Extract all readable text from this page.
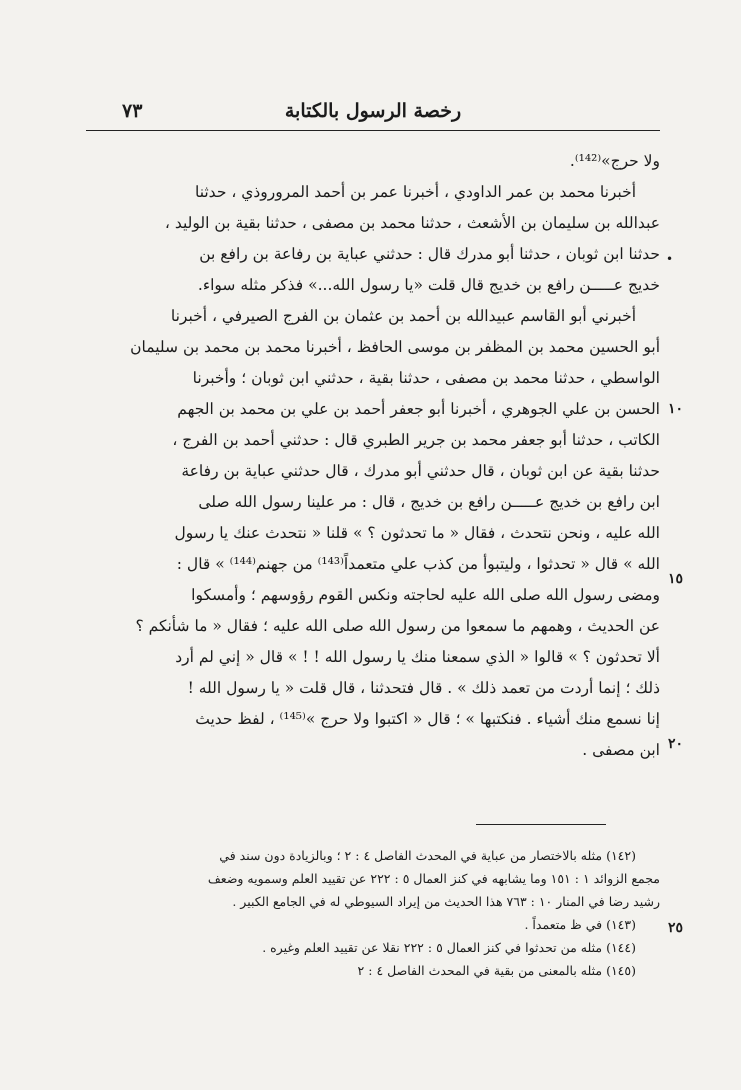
رخصة الرسول بالكتابة
٧٣
ولا حرج»⁽¹⁴²⁾.
أخبرنا محمد بن عمر الداودي ، أخبرنا عمر بن أحمد المروروذي ، حدثنا
عبدالله بن سليمان بن الأشعث ، حدثنا محمد بن مصفى ، حدثنا بقية بن الوليد ،
حدثنا ابن ثوبان ، حدثنا أبو مدرك قال : حدثني عباية بن رفاعة بن رافع بن
خديج عـــــن رافع بن خديج قال قلت «يا رسول الله...» فذكر مثله سواء.
أخبرني أبو القاسم عبيدالله بن أحمد بن عثمان بن الفرج الصيرفي ، أخبرنا
أبو الحسين محمد بن المظفر بن موسى الحافظ ، أخبرنا محمد بن محمد بن سليمان
الواسطي ، حدثنا محمد بن مصفى ، حدثنا بقية ، حدثني ابن ثوبان ؛ وأخبرنا
الحسن بن علي الجوهري ، أخبرنا أبو جعفر أحمد بن علي بن محمد بن الجهم
الكاتب ، حدثنا أبو جعفر محمد بن جرير الطبري قال : حدثني أحمد بن الفرج ،
حدثنا بقية عن ابن ثوبان ، قال حدثني أبو مدرك ، قال حدثني عباية بن رفاعة
ابن رافع بن خديج عـــــن رافع بن خديج ، قال : مر علينا رسول الله صلى
الله عليه ، ونحن نتحدث ، فقال « ما تحدثون ؟ » قلنا « نتحدث عنك يا رسول
الله » قال « تحدثوا ، وليتبوأ من كذب علي متعمداً⁽¹⁴³⁾ من جهنم⁽¹⁴⁴⁾ » قال :
ومضى رسول الله صلى الله عليه لحاجته ونكس القوم رؤوسهم ؛ وأمسكوا
عن الحديث ، وهمهم ما سمعوا من رسول الله صلى الله عليه ؛ فقال « ما شأنكم ؟
ألا تحدثون ؟ » قالوا « الذي سمعنا منك يا رسول الله ! ! » قال « إني لم أرد
ذلك ؛ إنما أردت من تعمد ذلك » . قال فتحدثنا ، قال قلت « يا رسول الله !
إنا نسمع منك أشياء . فنكتبها » ؛ قال « اكتبوا ولا حرج »⁽¹⁴⁵⁾ ، لفظ حديث
ابن مصفى .
•
١٠
١٥
٢٠
٢٥
(١٤٢) مثله بالاختصار من عباية في المحدث الفاصل ٤ : ٢ ؛ وبالزيادة دون سند في
مجمع الزوائد ١ : ١٥١ وما يشابهه في كنز العمال ٥ : ٢٢٢ عن تقييد العلم وسمويه وضعف
رشيد رضا في المنار ١٠ : ٧٦٣ هذا الحديث من إيراد السيوطي له في الجامع الكبير .
(١٤٣) في ظ متعمداً .
(١٤٤) مثله من تحدثوا في كنز العمال ٥ : ٢٢٢ نقلا عن تقييد العلم وغيره .
(١٤٥) مثله بالمعنى من بقية في المحدث الفاصل ٤ : ٢
